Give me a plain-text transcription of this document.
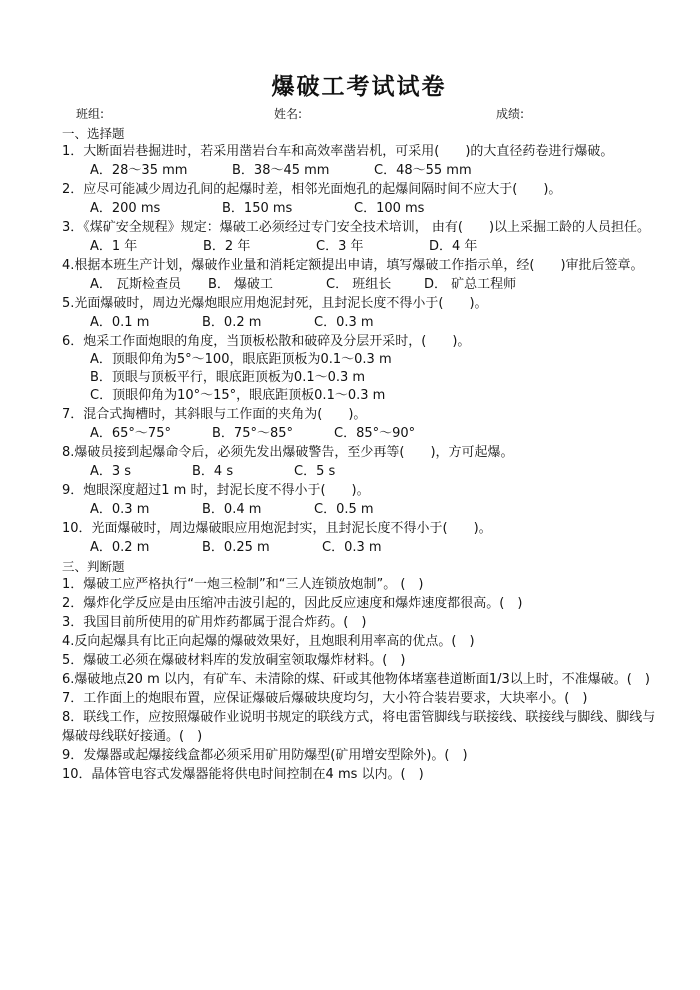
爆破工考试试卷
班组:	姓名:	成绩:

一、选择题

1．大断面岩巷掘进时，若采用凿岩台车和高效率凿岩机，可采用(　　)的大直径药卷进行爆破。

A．28～35 mm	B．38～45 mm	C．48～55 mm

2．应尽可能减少周边孔间的起爆时差，相邻光面炮孔的起爆间隔时间不应大于(　　)。

A．200 ms	B．150 ms	C．100 ms

3．《煤矿安全规程》规定：爆破工必须经过专门安全技术培训， 由有(　　)以上采掘工龄的人员担任。

A．1 年	B．2 年	C．3 年	D．4 年

4.根据本班生产计划，爆破作业量和消耗定额提出申请，填写爆破工作指示单，经(　　)审批后签章。

A． 瓦斯检查员 B． 爆破工	C． 班组长	D． 矿总工程师

5.光面爆破时，周边光爆炮眼应用炮泥封死，且封泥长度不得小于(　　)。

A．0.1 m	B．0.2 m	C．0.3 m

6．炮采工作面炮眼的角度，当顶板松散和破碎及分层开采时，(　　)。

A．顶眼仰角为5°～100，眼底距顶板为0.1～0.3 m

B．顶眼与顶板平行，眼底距顶板为0.1～0.3 m

C．顶眼仰角为10°～15°，眼底距顶板0.1～0.3 m

7．混合式掏槽时，其斜眼与工作面的夹角为(　　)。

A．65°～75°	B．75°～85°	C．85°～90°

8.爆破员接到起爆命令后，必须先发出爆破警告，至少再等(　　)，方可起爆。

A．3 s	B．4 s	C．5 s

9．炮眼深度超过1 m 时，封泥长度不得小于(　　)。

A．0.3 m	B．0.4 m	C．0.5 m

10．光面爆破时，周边爆破眼应用炮泥封实，且封泥长度不得小于(　　)。

A．0.2 m	B．0.25 m	C．0.3 m

三、判断题

1．爆破工应严格执行“一炮三检制”和“三人连锁放炮制”。 (　)

2．爆炸化学反应是由压缩冲击波引起的，因此反应速度和爆炸速度都很高。(　)

3．我国目前所使用的矿用炸药都属于混合炸药。(　)

4.反向起爆具有比正向起爆的爆破效果好，且炮眼利用率高的优点。(　)

5．爆破工必须在爆破材料库的发放硐室领取爆炸材料。(　)

6.爆破地点20 m 以内，有矿车、未清除的煤、矸或其他物体堵塞巷道断面1/3以上时，不准爆破。(　)

7．工作面上的炮眼布置，应保证爆破后爆破块度均匀，大小符合装岩要求，大块率小。(　)

8．联线工作，应按照爆破作业说明书规定的联线方式，将电雷管脚线与联接线、联接线与脚线、脚线与爆破母线联好接通。(　)

9．发爆器或起爆接线盒都必须采用矿用防爆型(矿用增安型除外)。(　)

10．晶体管电容式发爆器能将供电时间控制在4 ms 以内。(　)
